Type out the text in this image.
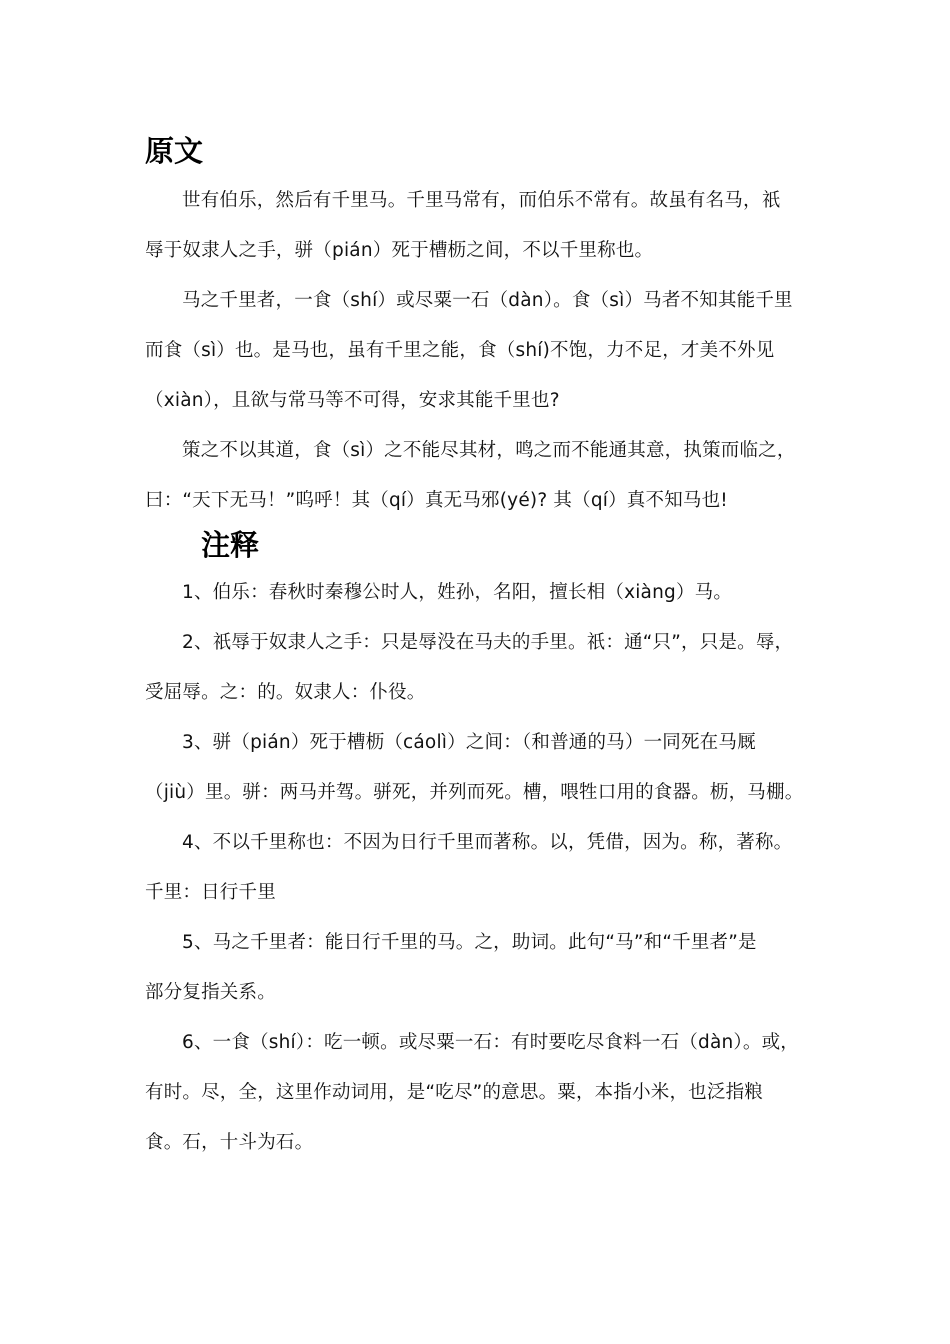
原文

世有伯乐，然后有千里马。千里马常有，而伯乐不常有。故虽有名马，祇

辱于奴隶人之手，骈（pián）死于槽枥之间，不以千里称也。

马之千里者，一食（shí）或尽粟一石（dàn）。食（sì）马者不知其能千里

而食（sì）也。是马也，虽有千里之能，食（shí)不饱，力不足，才美不外见

（xiàn），且欲与常马等不可得，安求其能千里也?

策之不以其道，食（sì）之不能尽其材，鸣之而不能通其意，执策而临之，

曰：“天下无马！”呜呼！其（qí）真无马邪(yé)? 其（qí）真不知马也!

注释

1、伯乐：春秋时秦穆公时人，姓孙，名阳，擅长相（xiàng）马。

2、祇辱于奴隶人之手：只是辱没在马夫的手里。祇：通“只”，只是。辱，

受屈辱。之：的。奴隶人：仆役。

3、骈（pián）死于槽枥（cáolì）之间：（和普通的马）一同死在马厩

（jiù）里。骈：两马并驾。骈死，并列而死。槽，喂牲口用的食器。枥，马棚。

4、不以千里称也：不因为日行千里而著称。以，凭借，因为。称，著称。

千里：日行千里

5、马之千里者：能日行千里的马。之，助词。此句“马”和“千里者”是

部分复指关系。

6、一食（shí）：吃一顿。或尽粟一石：有时要吃尽食料一石（dàn）。或，

有时。尽，全，这里作动词用，是“吃尽”的意思。粟，本指小米，也泛指粮

食。石，十斗为石。
